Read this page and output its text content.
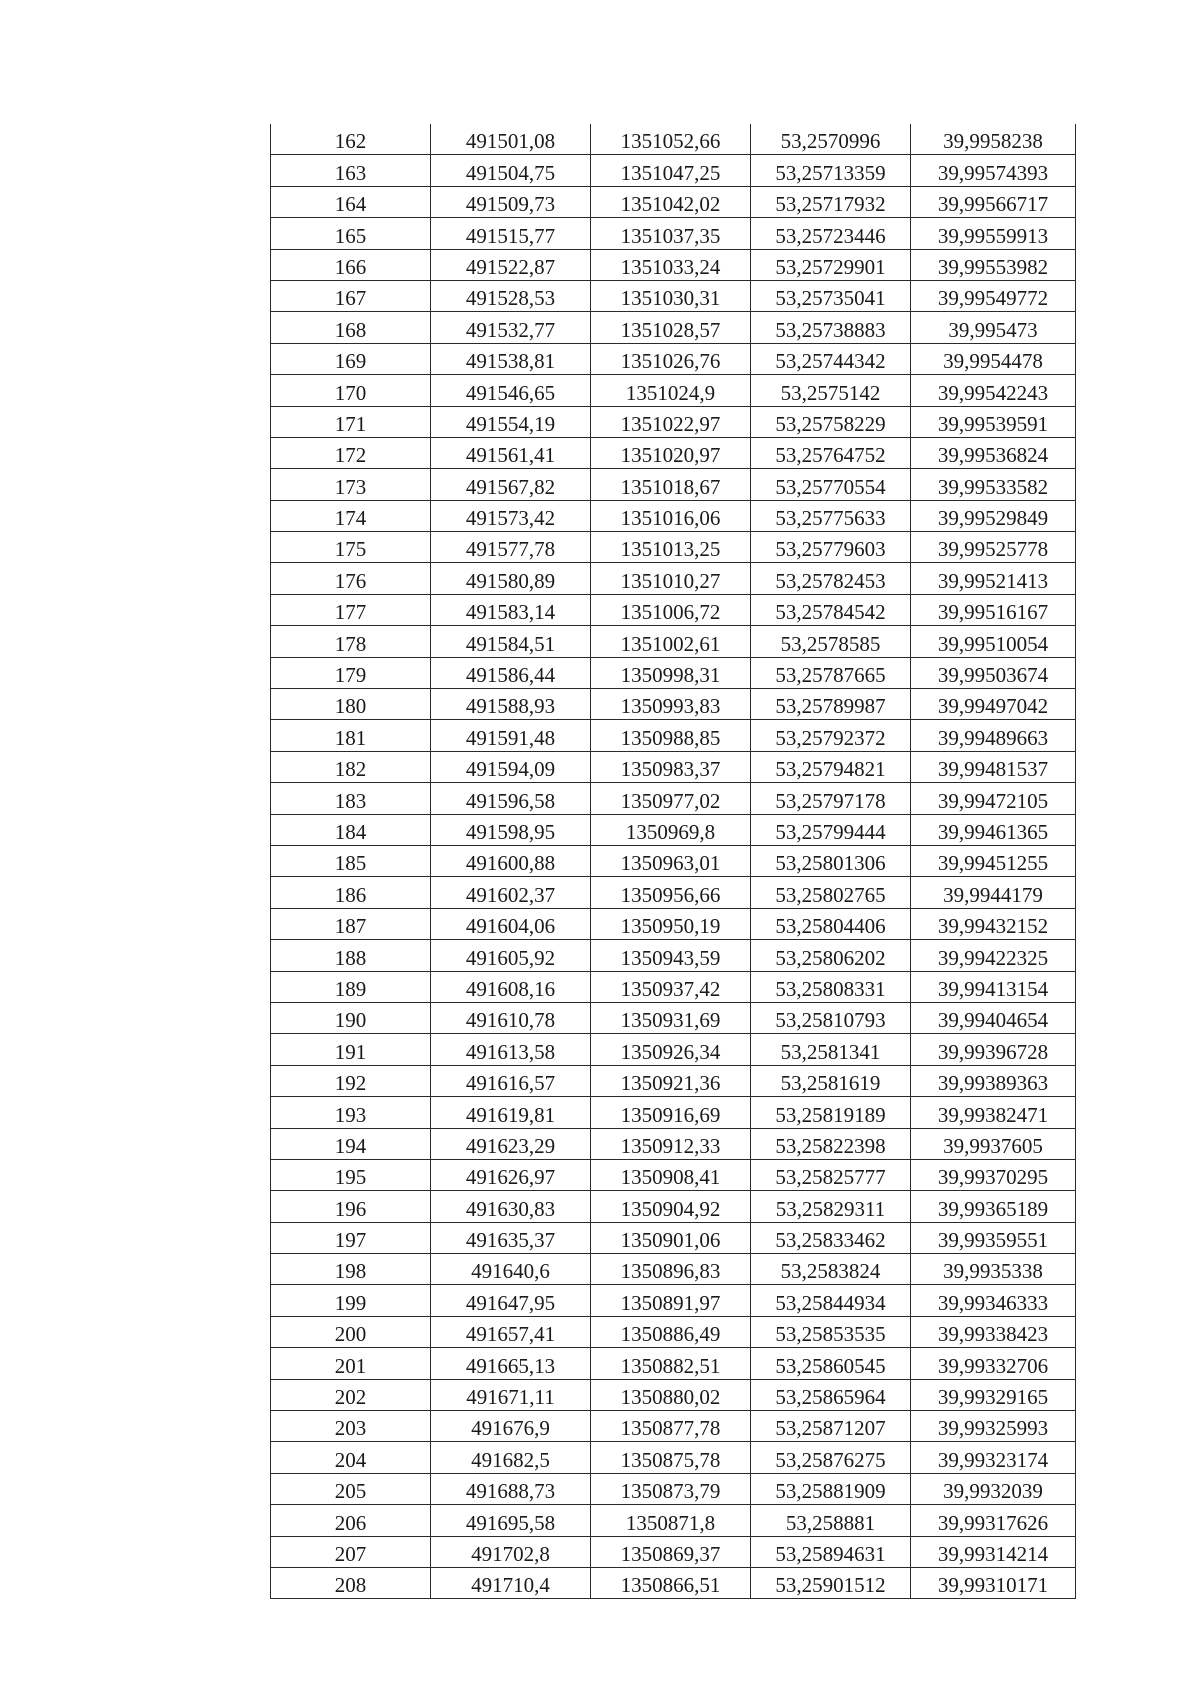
162	491501,08	1351052,66	53,2570996	39,9958238
163	491504,75	1351047,25	53,25713359	39,99574393
164	491509,73	1351042,02	53,25717932	39,99566717
165	491515,77	1351037,35	53,25723446	39,99559913
166	491522,87	1351033,24	53,25729901	39,99553982
167	491528,53	1351030,31	53,25735041	39,99549772
168	491532,77	1351028,57	53,25738883	39,995473
169	491538,81	1351026,76	53,25744342	39,9954478
170	491546,65	1351024,9	53,2575142	39,99542243
171	491554,19	1351022,97	53,25758229	39,99539591
172	491561,41	1351020,97	53,25764752	39,99536824
173	491567,82	1351018,67	53,25770554	39,99533582
174	491573,42	1351016,06	53,25775633	39,99529849
175	491577,78	1351013,25	53,25779603	39,99525778
176	491580,89	1351010,27	53,25782453	39,99521413
177	491583,14	1351006,72	53,25784542	39,99516167
178	491584,51	1351002,61	53,2578585	39,99510054
179	491586,44	1350998,31	53,25787665	39,99503674
180	491588,93	1350993,83	53,25789987	39,99497042
181	491591,48	1350988,85	53,25792372	39,99489663
182	491594,09	1350983,37	53,25794821	39,99481537
183	491596,58	1350977,02	53,25797178	39,99472105
184	491598,95	1350969,8	53,25799444	39,99461365
185	491600,88	1350963,01	53,25801306	39,99451255
186	491602,37	1350956,66	53,25802765	39,9944179
187	491604,06	1350950,19	53,25804406	39,99432152
188	491605,92	1350943,59	53,25806202	39,99422325
189	491608,16	1350937,42	53,25808331	39,99413154
190	491610,78	1350931,69	53,25810793	39,99404654
191	491613,58	1350926,34	53,2581341	39,99396728
192	491616,57	1350921,36	53,2581619	39,99389363
193	491619,81	1350916,69	53,25819189	39,99382471
194	491623,29	1350912,33	53,25822398	39,9937605
195	491626,97	1350908,41	53,25825777	39,99370295
196	491630,83	1350904,92	53,25829311	39,99365189
197	491635,37	1350901,06	53,25833462	39,99359551
198	491640,6	1350896,83	53,2583824	39,9935338
199	491647,95	1350891,97	53,25844934	39,99346333
200	491657,41	1350886,49	53,25853535	39,99338423
201	491665,13	1350882,51	53,25860545	39,99332706
202	491671,11	1350880,02	53,25865964	39,99329165
203	491676,9	1350877,78	53,25871207	39,99325993
204	491682,5	1350875,78	53,25876275	39,99323174
205	491688,73	1350873,79	53,25881909	39,9932039
206	491695,58	1350871,8	53,258881	39,99317626
207	491702,8	1350869,37	53,25894631	39,99314214
208	491710,4	1350866,51	53,25901512	39,99310171
